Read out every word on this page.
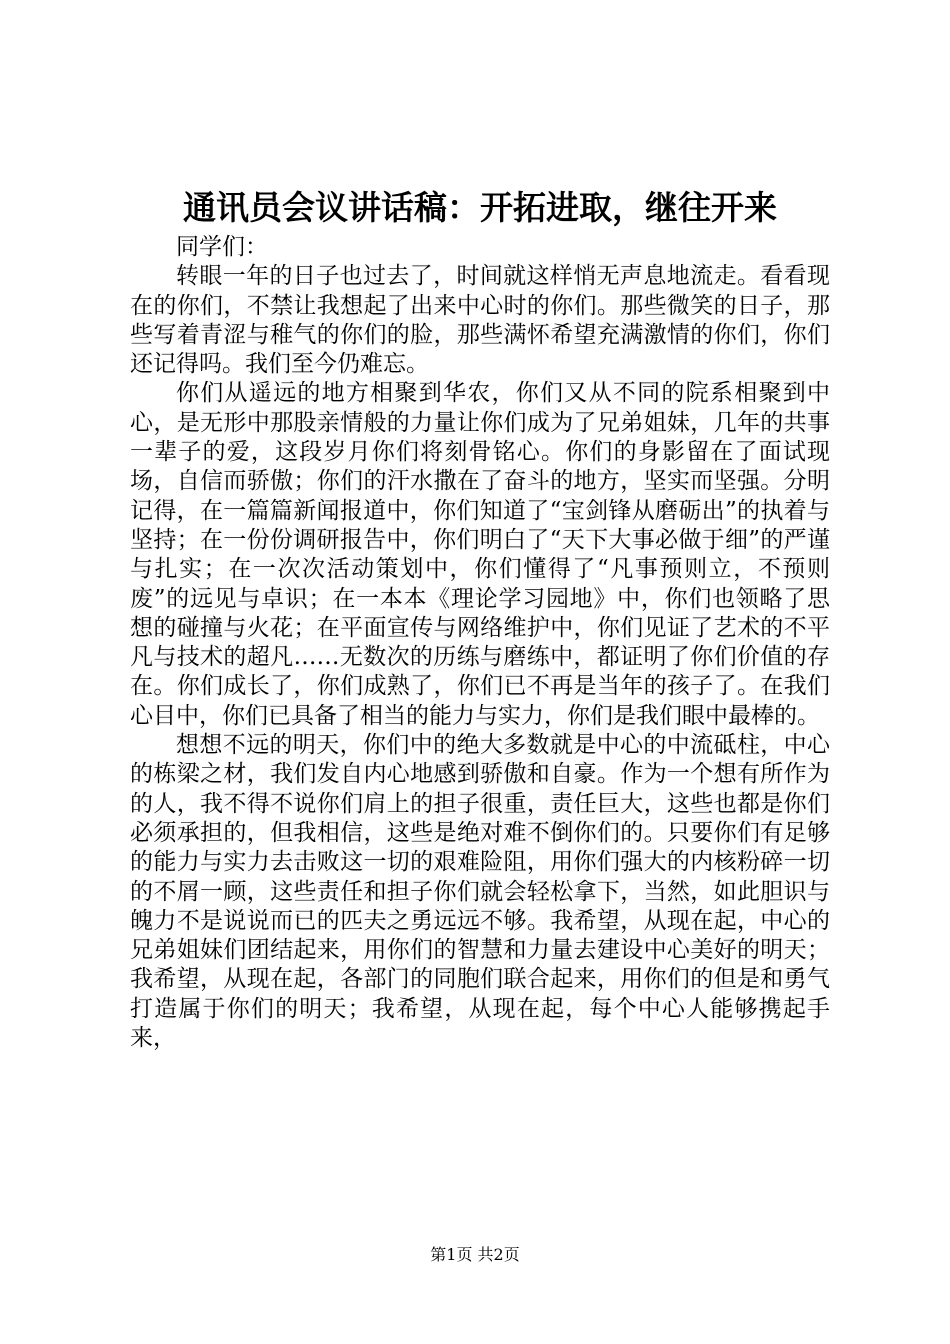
通讯员会议讲话稿：开拓进取，继往开来

同学们：

转眼一年的日子也过去了，时间就这样悄无声息地流走。看看现在的你们，不禁让我想起了出来中心时的你们。那些微笑的日子，那些写着青涩与稚气的你们的脸，那些满怀希望充满激情的你们，你们还记得吗。我们至今仍难忘。

你们从遥远的地方相聚到华农，你们又从不同的院系相聚到中心，是无形中那股亲情般的力量让你们成为了兄弟姐妹，几年的共事一辈子的爱，这段岁月你们将刻骨铭心。你们的身影留在了面试现场，自信而骄傲；你们的汗水撒在了奋斗的地方，坚实而坚强。分明记得，在一篇篇新闻报道中，你们知道了“宝剑锋从磨砺出”的执着与坚持；在一份份调研报告中，你们明白了“天下大事必做于细”的严谨与扎实；在一次次活动策划中，你们懂得了“凡事预则立，不预则废”的远见与卓识；在一本本《理论学习园地》中，你们也领略了思想的碰撞与火花；在平面宣传与网络维护中，你们见证了艺术的不平凡与技术的超凡……无数次的历练与磨练中，都证明了你们价值的存在。你们成长了，你们成熟了，你们已不再是当年的孩子了。在我们心目中，你们已具备了相当的能力与实力，你们是我们眼中最棒的。

想想不远的明天，你们中的绝大多数就是中心的中流砥柱，中心的栋梁之材，我们发自内心地感到骄傲和自豪。作为一个想有所作为的人，我不得不说你们肩上的担子很重，责任巨大，这些也都是你们必须承担的，但我相信，这些是绝对难不倒你们的。只要你们有足够的能力与实力去击败这一切的艰难险阻，用你们强大的内核粉碎一切的不屑一顾，这些责任和担子你们就会轻松拿下，当然，如此胆识与魄力不是说说而已的匹夫之勇远远不够。我希望，从现在起，中心的兄弟姐妹们团结起来，用你们的智慧和力量去建设中心美好的明天；我希望，从现在起，各部门的同胞们联合起来，用你们的但是和勇气打造属于你们的明天；我希望，从现在起，每个中心人能够携起手来，

第1页 共2页
